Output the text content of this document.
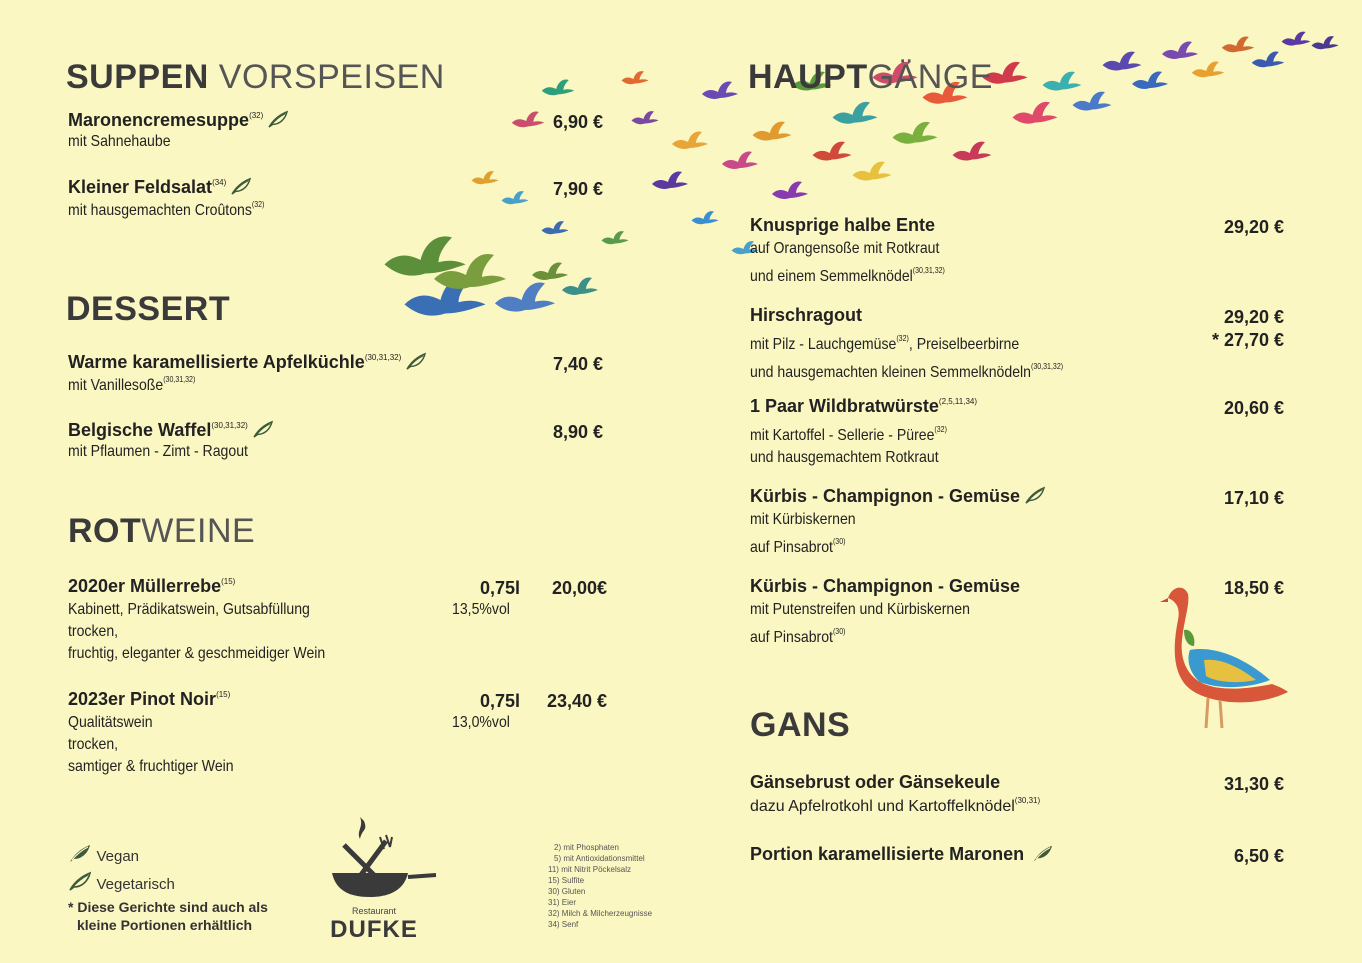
SUPPEN VORSPEISEN
Maronencremesuppe$^{(32)}$
mit Sahnehaube
6,90 €
Kleiner Feldsalat$^{(34)}$
mit hausgemachten Croûtons$^{(32)}$
7,90 €
DESSERT
Warme karamellisierte Apfelküchle$^{(30,31,32)}$
mit Vanillesoße$^{(30,31,32)}$
7,40 €
Belgische Waffel$^{(30,31,32)}$
mit Pflaumen - Zimt - Ragout
8,90 €
ROTWEINE
2020er Müllerrebe$^{(15)}$
Kabinett, Prädikatswein, Gutsabfüllung
trocken,
fruchtig, eleganter & geschmeidiger Wein
0,75l
13,5%vol
20,00€
2023er Pinot Noir$^{(15)}$
Qualitätswein
trocken,
samtiger & fruchtiger Wein
0,75l
13,0%vol
23,40 €
Vegan
Vegetarisch
* Diese Gerichte sind auch als
kleine Portionen erhältlich
Restaurant
DUFKE
2) mit Phosphaten
5) mit Antioxidationsmittel
11) mit Nitrit Pöckelsalz
15) Sulfite
30) Gluten
31) Eier
32) Milch & Milcherzeugnisse
34) Senf
HAUPTGÄNGE
Knusprige halbe Ente
auf Orangensoße mit Rotkraut
und einem Semmelknödel$^{(30,31,32)}$
29,20 €
Hirschragout
mit Pilz - Lauchgemüse$^{(32)}$, Preiselbeerbirne
und hausgemachten kleinen Semmelknödeln$^{(30,31,32)}$
29,20 €
* 27,70 €
1 Paar Wildbratwürste$^{(2,5,11,34)}$
mit Kartoffel - Sellerie - Püree$^{(32)}$
und hausgemachtem Rotkraut
20,60 €
Kürbis - Champignon - Gemüse
mit Kürbiskernen
auf Pinsabrot$^{(30)}$
17,10 €
Kürbis - Champignon - Gemüse
mit Putenstreifen und Kürbiskernen
auf Pinsabrot$^{(30)}$
18,50 €
GANS
Gänsebrust oder Gänsekeule
dazu Apfelrotkohl und Kartoffelknödel$^{(30,31)}$
31,30 €
Portion karamellisierte Maronen	6,50 €
